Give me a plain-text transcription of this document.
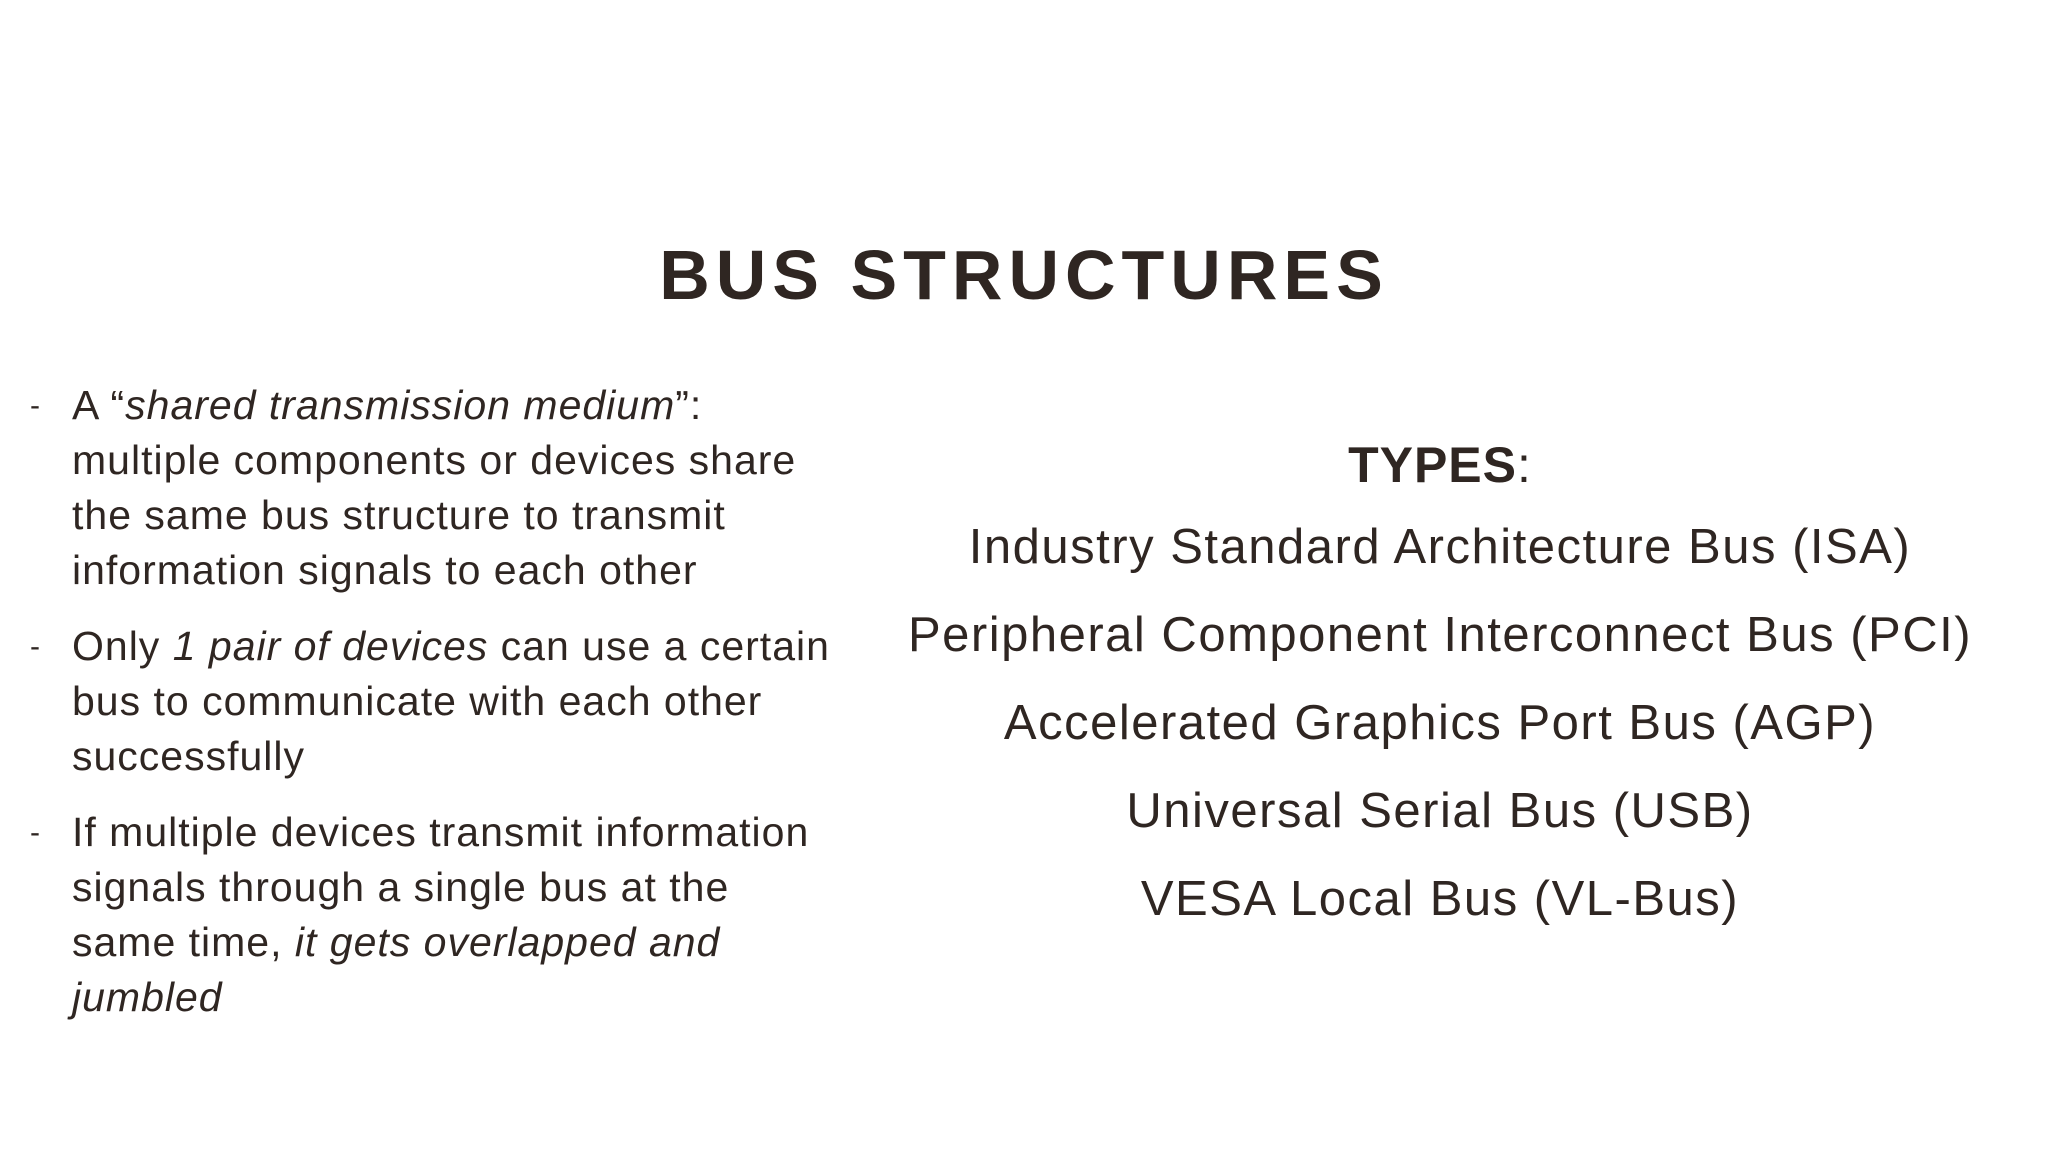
BUS STRUCTURES
- A “shared transmission medium”: multiple components or devices share the same bus structure to transmit information signals to each other
- Only 1 pair of devices can use a certain bus to communicate with each other successfully
- If multiple devices transmit information signals through a single bus at the same time, it gets overlapped and jumbled
TYPES:
Industry Standard Architecture Bus (ISA)
Peripheral Component Interconnect Bus (PCI)
Accelerated Graphics Port Bus (AGP)
Universal Serial Bus (USB)
VESA Local Bus (VL-Bus)
